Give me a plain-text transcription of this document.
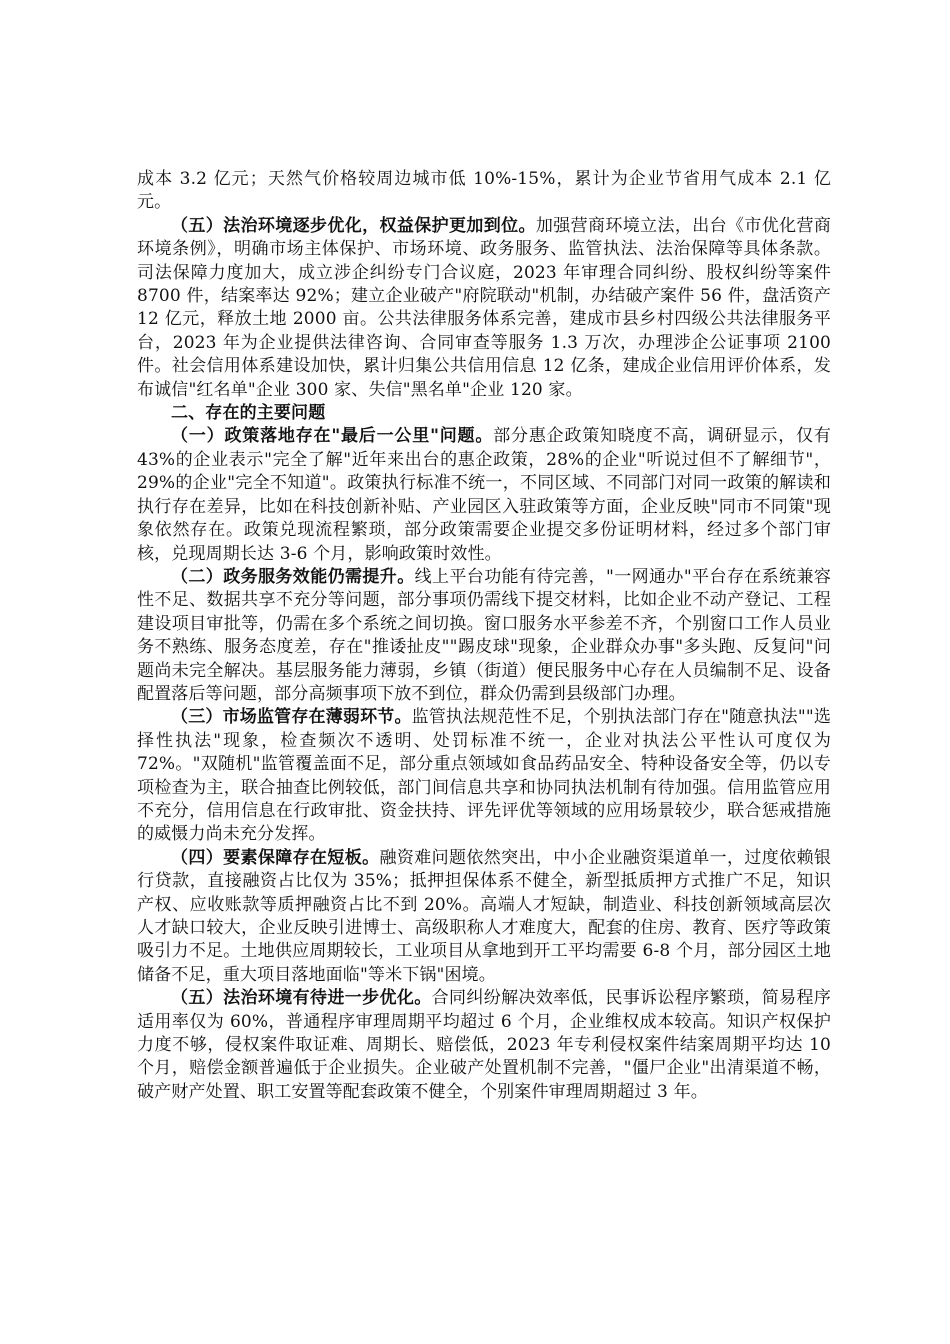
成本 3.2 亿元；天然气价格较周边城市低 10%-15%，累计为企业节省用气成本 2.1 亿元。

（五）法治环境逐步优化，权益保护更加到位。加强营商环境立法，出台《市优化营商环境条例》，明确市场主体保护、市场环境、政务服务、监管执法、法治保障等具体条款。司法保障力度加大，成立涉企纠纷专门合议庭，2023 年审理合同纠纷、股权纠纷等案件 8700 件，结案率达 92%；建立企业破产"府院联动"机制，办结破产案件 56 件，盘活资产 12 亿元，释放土地 2000 亩。公共法律服务体系完善，建成市县乡村四级公共法律服务平台，2023 年为企业提供法律咨询、合同审查等服务 1.3 万次，办理涉企公证事项 2100 件。社会信用体系建设加快，累计归集公共信用信息 12 亿条，建成企业信用评价体系，发布诚信"红名单"企业 300 家、失信"黑名单"企业 120 家。

二、存在的主要问题

（一）政策落地存在"最后一公里"问题。部分惠企政策知晓度不高，调研显示，仅有 43%的企业表示"完全了解"近年来出台的惠企政策，28%的企业"听说过但不了解细节"，29%的企业"完全不知道"。政策执行标准不统一，不同区域、不同部门对同一政策的解读和执行存在差异，比如在科技创新补贴、产业园区入驻政策等方面，企业反映"同市不同策"现象依然存在。政策兑现流程繁琐，部分政策需要企业提交多份证明材料，经过多个部门审核，兑现周期长达 3-6 个月，影响政策时效性。

（二）政务服务效能仍需提升。线上平台功能有待完善，"一网通办"平台存在系统兼容性不足、数据共享不充分等问题，部分事项仍需线下提交材料，比如企业不动产登记、工程建设项目审批等，仍需在多个系统之间切换。窗口服务水平参差不齐，个别窗口工作人员业务不熟练、服务态度差，存在"推诿扯皮""踢皮球"现象，企业群众办事"多头跑、反复问"问题尚未完全解决。基层服务能力薄弱，乡镇（街道）便民服务中心存在人员编制不足、设备配置落后等问题，部分高频事项下放不到位，群众仍需到县级部门办理。

（三）市场监管存在薄弱环节。监管执法规范性不足，个别执法部门存在"随意执法""选择性执法"现象，检查频次不透明、处罚标准不统一，企业对执法公平性认可度仅为 72%。"双随机"监管覆盖面不足，部分重点领域如食品药品安全、特种设备安全等，仍以专项检查为主，联合抽查比例较低，部门间信息共享和协同执法机制有待加强。信用监管应用不充分，信用信息在行政审批、资金扶持、评先评优等领域的应用场景较少，联合惩戒措施的威慑力尚未充分发挥。

（四）要素保障存在短板。融资难问题依然突出，中小企业融资渠道单一，过度依赖银行贷款，直接融资占比仅为 35%；抵押担保体系不健全，新型抵质押方式推广不足，知识产权、应收账款等质押融资占比不到 20%。高端人才短缺，制造业、科技创新领域高层次人才缺口较大，企业反映引进博士、高级职称人才难度大，配套的住房、教育、医疗等政策吸引力不足。土地供应周期较长，工业项目从拿地到开工平均需要 6-8 个月，部分园区土地储备不足，重大项目落地面临"等米下锅"困境。

（五）法治环境有待进一步优化。合同纠纷解决效率低，民事诉讼程序繁琐，简易程序适用率仅为 60%，普通程序审理周期平均超过 6 个月，企业维权成本较高。知识产权保护力度不够，侵权案件取证难、周期长、赔偿低，2023 年专利侵权案件结案周期平均达 10 个月，赔偿金额普遍低于企业损失。企业破产处置机制不完善，"僵尸企业"出清渠道不畅，破产财产处置、职工安置等配套政策不健全，个别案件审理周期超过 3 年。
